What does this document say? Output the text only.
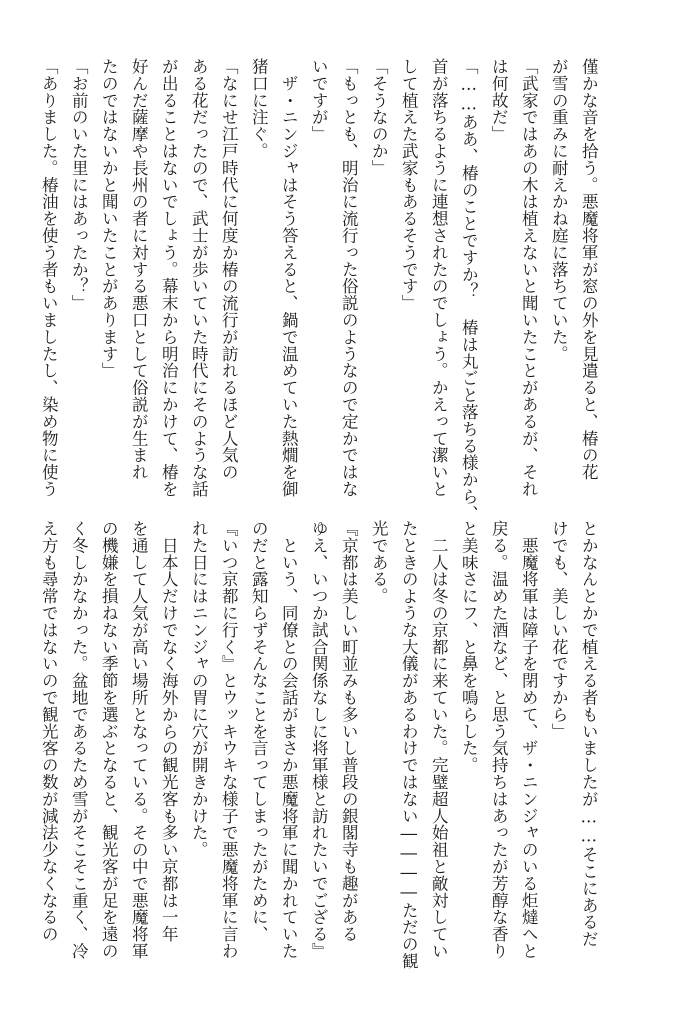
僅かな音を拾う。悪魔将軍が窓の外を見遣ると、椿の花
が雪の重みに耐えかね庭に落ちていた。
「武家ではあの木は植えないと聞いたことがあるが、それ
は何故だ」
「……ああ、椿のことですか？ 椿は丸ごと落ちる様から、
首が落ちるように連想されたのでしょう。かえって潔いと
して植えた武家もあるそうです」
「そうなのか」
「もっとも、明治に流行った俗説のようなので定かではな
いですが」
　ザ・ニンジャはそう答えると、鍋で温めていた熱燗を御
猪口に注ぐ。
「なにせ江戸時代に何度か椿の流行が訪れるほど人気の
ある花だったので、武士が歩いていた時代にそのような話
が出ることはないでしょう。幕末から明治にかけて、椿を
好んだ薩摩や長州の者に対する悪口として俗説が生まれ
たのではないかと聞いたことがあります」
「お前のいた里にはあったか？」
「ありました。椿油を使う者もいましたし、染め物に使う
とかなんとかで植える者もいましたが……そこにあるだ
けでも、美しい花ですから」
　悪魔将軍は障子を閉めて、ザ・ニンジャのいる炬燵へと
戻る。温めた酒など、と思う気持ちはあったが芳醇な香り
と美味さにフ、と鼻を鳴らした。
　二人は冬の京都に来ていた。完璧超人始祖と敵対してい
たときのような大儀があるわけではない――――ただの観
光である。
『京都は美しい町並みも多いし普段の銀閣寺も趣がある
ゆえ、いつか試合関係なしに将軍様と訪れたいでござる』
　という、同僚との会話がまさか悪魔将軍に聞かれていた
のだと露知らずそんなことを言ってしまったがために、
『いつ京都に行く』とウッキウキな様子で悪魔将軍に言わ
れた日にはニンジャの胃に穴が開きかけた。
　日本人だけでなく海外からの観光客も多い京都は一年
を通して人気が高い場所となっている。その中で悪魔将軍
の機嫌を損ねない季節を選ぶとなると、観光客が足を遠の
く冬しかなかった。盆地であるため雪がそこそこ重く、冷
え方も尋常ではないので観光客の数が減法少なくなるの
